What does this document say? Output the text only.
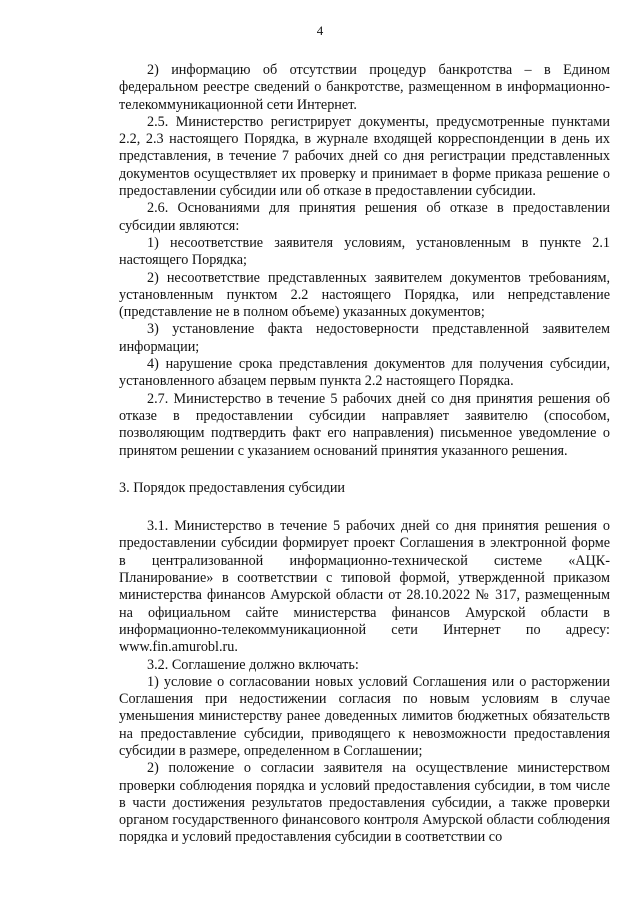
4

2) информацию об отсутствии процедур банкротства – в Едином федеральном реестре сведений о банкротстве, размещенном в информационно-телекоммуникационной сети Интернет.

2.5. Министерство регистрирует документы, предусмотренные пунктами 2.2, 2.3 настоящего Порядка, в журнале входящей корреспонденции в день их представления, в течение 7 рабочих дней со дня регистрации представленных документов осуществляет их проверку и принимает в форме приказа решение о предоставлении субсидии или об отказе в предоставлении субсидии.

2.6. Основаниями для принятия решения об отказе в предоставлении субсидии являются:

1) несоответствие заявителя условиям, установленным в пункте 2.1 настоящего Порядка;

2) несоответствие представленных заявителем документов требованиям, установленным пунктом 2.2 настоящего Порядка, или непредставление (представление не в полном объеме) указанных документов;

3) установление факта недостоверности представленной заявителем информации;

4) нарушение срока представления документов для получения субсидии, установленного абзацем первым пункта 2.2 настоящего Порядка.

2.7. Министерство в течение 5 рабочих дней со дня принятия решения об отказе в предоставлении субсидии направляет заявителю (способом, позволяющим подтвердить факт его направления) письменное уведомление о принятом решении с указанием оснований принятия указанного решения.

3. Порядок предоставления субсидии

3.1. Министерство в течение 5 рабочих дней со дня принятия решения о предоставлении субсидии формирует проект Соглашения в электронной форме в централизованной информационно-технической системе «АЦК-Планирование» в соответствии с типовой формой, утвержденной приказом министерства финансов Амурской области от 28.10.2022 № 317, размещенным на официальном сайте министерства финансов Амурской области в информационно-телекоммуникационной сети Интернет по адресу: www.fin.amurobl.ru.

3.2. Соглашение должно включать:

1) условие о согласовании новых условий Соглашения или о расторжении Соглашения при недостижении согласия по новым условиям в случае уменьшения министерству ранее доведенных лимитов бюджетных обязательств на предоставление субсидии, приводящего к невозможности предоставления субсидии в размере, определенном в Соглашении;

2) положение о согласии заявителя на осуществление министерством проверки соблюдения порядка и условий предоставления субсидии, в том числе в части достижения результатов предоставления субсидии, а также проверки органом государственного финансового контроля Амурской области соблюдения порядка и условий предоставления субсидии в соответствии со
